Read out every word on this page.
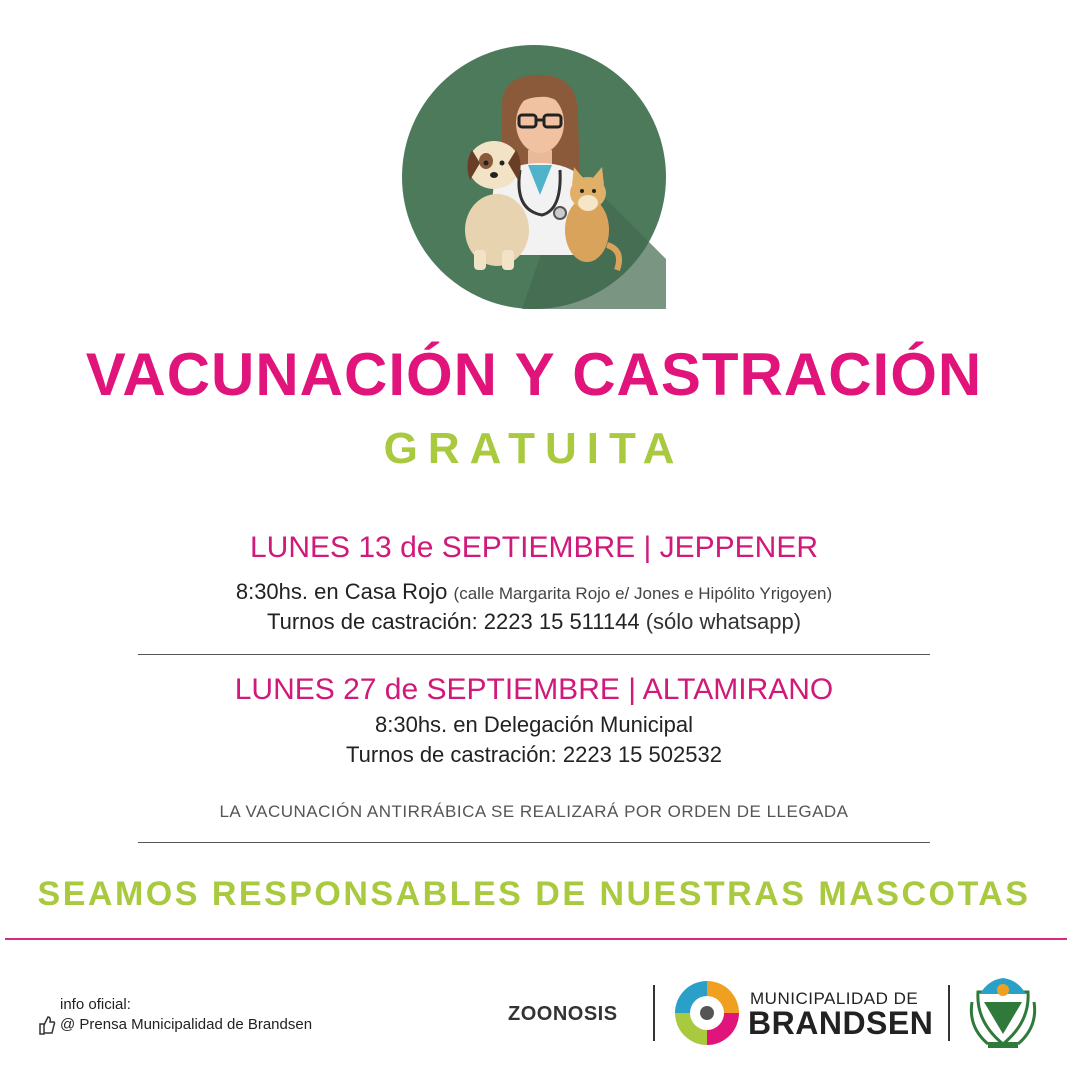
VACUNACIÓN Y CASTRACIÓN
GRATUITA
LUNES 13 de SEPTIEMBRE | JEPPENER
8:30hs. en Casa Rojo (calle Margarita Rojo e/ Jones e Hipólito Yrigoyen)
Turnos de castración: 2223 15 511144 (sólo whatsapp)
LUNES 27 de SEPTIEMBRE | ALTAMIRANO
8:30hs. en Delegación Municipal
Turnos de castración: 2223 15 502532
LA VACUNACIÓN ANTIRRÁBICA SE REALIZARÁ POR ORDEN DE LLEGADA
SEAMOS RESPONSABLES DE NUESTRAS MASCOTAS
info oficial:
@ Prensa Municipalidad de Brandsen	ZOONOSIS
MUNICIPALIDAD DE
BRANDSEN
